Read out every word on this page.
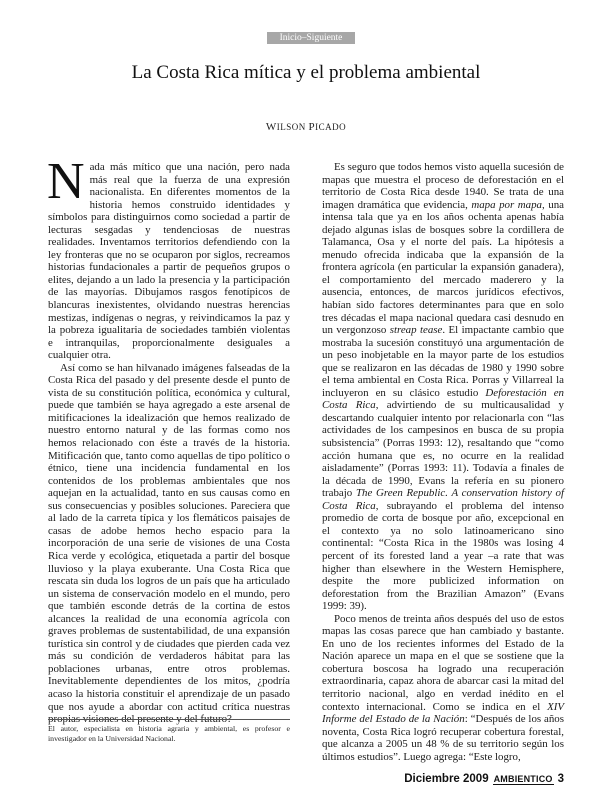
Inicio – Siguiente
La Costa Rica mítica y el problema ambiental
WILSON PICADO

Nada más mítico que una nación, pero nada más real que la fuerza de una expresión nacionalista. En diferentes momentos de la historia hemos construido identidades y símbolos para distinguirnos como sociedad a partir de lecturas sesgadas y tendenciosas de nuestras realidades. Inventamos territorios defendiendo con la ley fronteras que no se ocuparon por siglos, recreamos historias fundacionales a partir de pequeños grupos o elites, dejando a un lado la presencia y la participación de las mayorías. Dibujamos rasgos fenotípicos de blancuras inexistentes, olvidando nuestras herencias mestizas, indígenas o negras, y reivindicamos la paz y la pobreza igualitaria de sociedades también violentas e intranquilas, proporcionalmente desiguales a cualquier otra.

Así como se han hilvanado imágenes falseadas de la Costa Rica del pasado y del presente desde el punto de vista de su constitución política, económica y cultural, puede que también se haya agregado a este arsenal de mitificaciones la idealización que hemos realizado de nuestro entorno natural y de las formas como nos hemos relacionado con éste a través de la historia. Mitificación que, tanto como aquellas de tipo político o étnico, tiene una incidencia fundamental en los contenidos de los problemas ambientales que nos aquejan en la actualidad, tanto en sus causas como en sus consecuencias y posibles soluciones. Pareciera que al lado de la carreta típica y los flemáticos paisajes de casas de adobe hemos hecho espacio para la incorporación de una serie de visiones de una Costa Rica verde y ecológica, etiquetada a partir del bosque lluvioso y la playa exuberante. Una Costa Rica que rescata sin duda los logros de un país que ha articulado un sistema de conservación modelo en el mundo, pero que también esconde detrás de la cortina de estos alcances la realidad de una economía agrícola con graves problemas de sustentabilidad, de una expansión turística sin control y de ciudades que pierden cada vez más su condición de verdaderos hábitat para las poblaciones urbanas, entre otros problemas. Inevitablemente dependientes de los mitos, ¿podría acaso la historia constituir el aprendizaje de un pasado que nos ayude a abordar con actitud crítica nuestras propias visiones del presente y del futuro?

Es seguro que todos hemos visto aquella sucesión de mapas que muestra el proceso de deforestación en el territorio de Costa Rica desde 1940. Se trata de una imagen dramática que evidencia, mapa por mapa, una intensa tala que ya en los años ochenta apenas había dejado algunas islas de bosques sobre la cordillera de Talamanca, Osa y el norte del país. La hipótesis a menudo ofrecida indicaba que la expansión de la frontera agrícola (en particular la expansión ganadera), el comportamiento del mercado maderero y la ausencia, entonces, de marcos jurídicos efectivos, habían sido factores determinantes para que en solo tres décadas el mapa nacional quedara casi desnudo en un vergonzoso streap tease. El impactante cambio que mostraba la sucesión constituyó una argumentación de un peso inobjetable en la mayor parte de los estudios que se realizaron en las décadas de 1980 y 1990 sobre el tema ambiental en Costa Rica. Porras y Villarreal la incluyeron en su clásico estudio Deforestación en Costa Rica, advirtiendo de su multicausalidad y descartando cualquier intento por relacionarla con “las actividades de los campesinos en busca de su propia subsistencia” (Porras 1993: 12), resaltando que “como acción humana que es, no ocurre en la realidad aisladamente” (Porras 1993: 11). Todavía a finales de la década de 1990, Evans la refería en su pionero trabajo The Green Republic. A conservation history of Costa Rica, subrayando el problema del intenso promedio de corta de bosque por año, excepcional en el contexto ya no solo latinoamericano sino continental: “Costa Rica in the 1980s was losing 4 percent of its forested land a year –a rate that was higher than elsewhere in the Western Hemisphere, despite the more publicized information on deforestation from the Brazilian Amazon” (Evans 1999: 39).

Poco menos de treinta años después del uso de estos mapas las cosas parece que han cambiado y bastante. En uno de los recientes informes del Estado de la Nación aparece un mapa en el que se sostiene que la cobertura boscosa ha logrado una recuperación extraordinaria, capaz ahora de abarcar casi la mitad del territorio nacional, algo en verdad inédito en el contexto internacional. Como se indica en el XIV Informe del Estado de la Nación: “Después de los años noventa, Costa Rica logró recuperar cobertura forestal, que alcanza a 2005 un 48 % de su territorio según los últimos estudios”. Luego agrega: “Este logro,

El autor, especialista en historia agraria y ambiental, es profesor e investigador en la Universidad Nacional.
Diciembre 2009 AMBIENTICO 3
